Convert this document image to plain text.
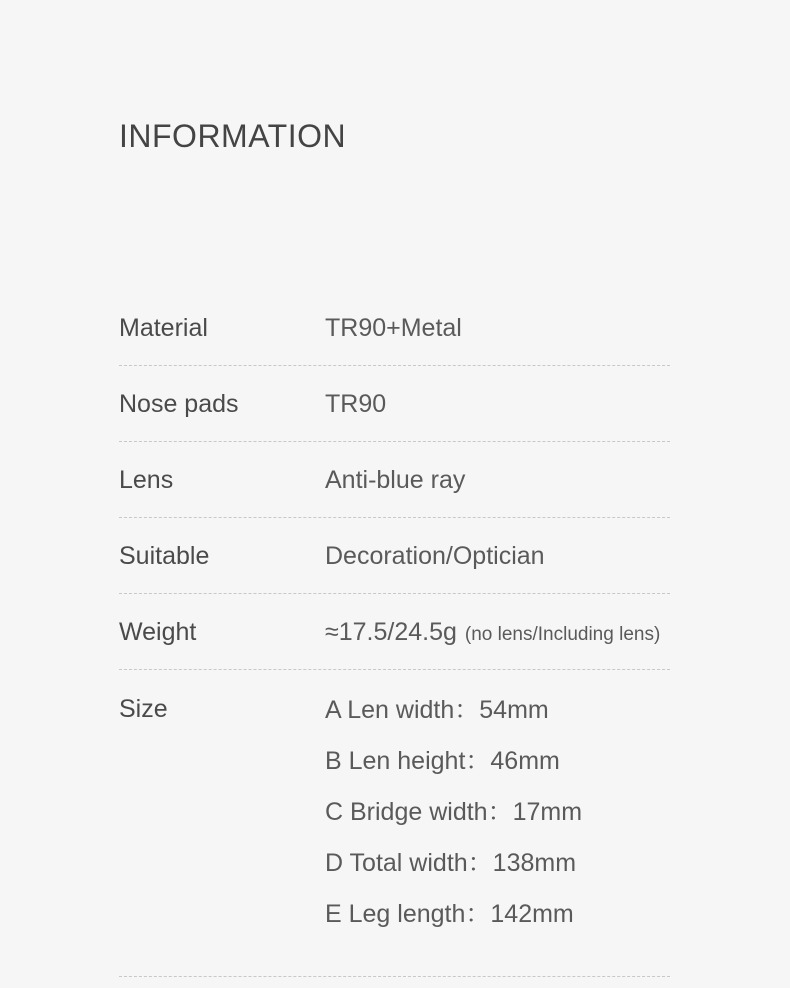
INFORMATION
Material	TR90+Metal
Nose pads	TR90
Lens	Anti-blue ray
Suitable	Decoration/Optician
Weight	≈17.5/24.5g (no lens/Including lens)
Size	A Len width：54mm
B Len height：46mm
C Bridge width：17mm
D Total width：138mm
E Leg length：142mm
